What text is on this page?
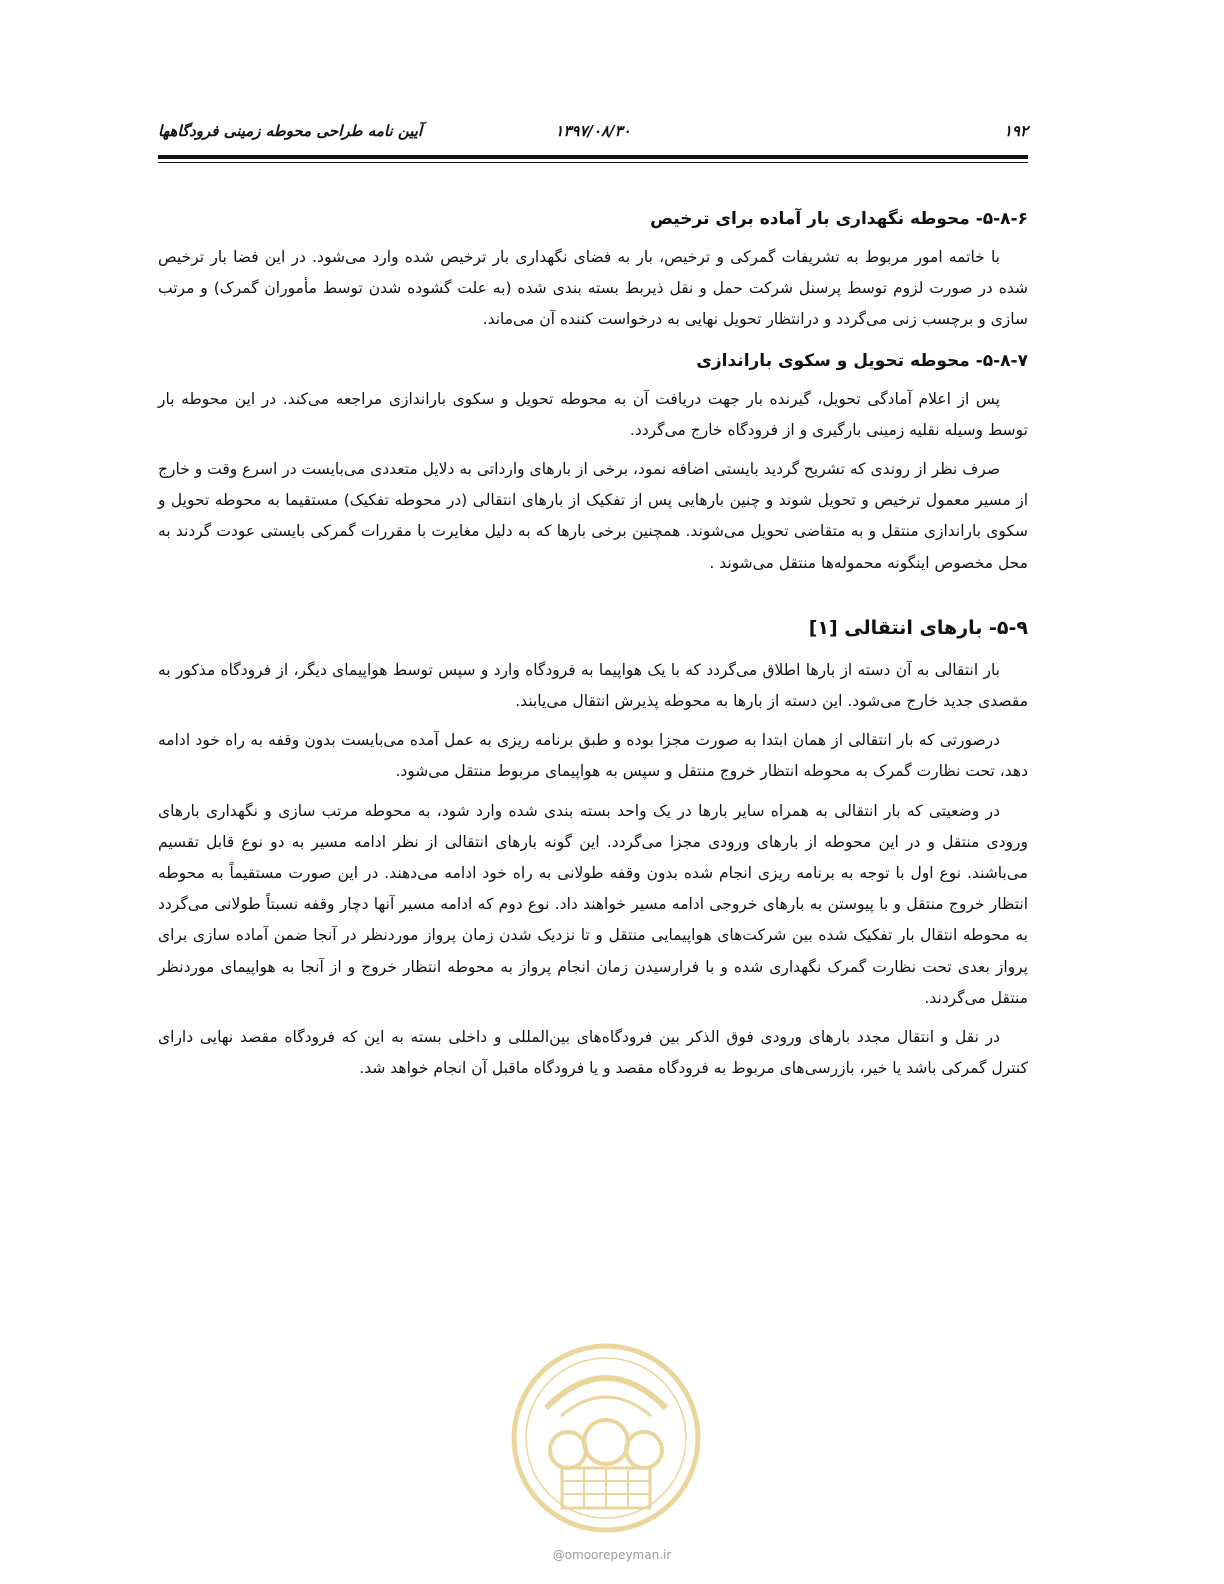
۱۹۲
۱۳۹۷/۰۸/۳۰
آیین نامه طراحی محوطه زمینی فرودگاهها
۵-۸-۶- محوطه نگهداری بار آماده برای ترخیص

با خاتمه امور مربوط به تشریفات گمرکی و ترخیص، بار به فضای نگهداری بار ترخیص شده وارد می‌شود. در این فضا بار ترخیص شده در صورت لزوم توسط پرسنل شرکت حمل و نقل ذیربط بسته بندی شده (به علت گشوده شدن توسط مأموران گمرک) و مرتب سازی و برچسب زنی می‌گردد و درانتظار تحویل نهایی به درخواست کننده آن می‌ماند.

۵-۸-۷- محوطه تحویل و سکوی باراندازی

پس از اعلام آمادگی تحویل، گیرنده بار جهت دریافت آن به محوطه تحویل و سکوی باراندازی مراجعه می‌کند. در این محوطه بار توسط وسیله نقلیه زمینی بارگیری و از فرودگاه خارج می‌گردد.

صرف نظر از روندی که تشریح گردید بایستی اضافه نمود، برخی از بارهای وارداتی به دلایل متعددی می‌بایست در اسرع وقت و خارج از مسیر معمول ترخیص و تحویل شوند و چنین بارهایی پس از تفکیک از بارهای انتقالی (در محوطه تفکیک) مستقیما به محوطه تحویل و سکوی باراندازی منتقل و به متقاضی تحویل می‌شوند. همچنین برخی بارها که به دلیل مغایرت با مقررات گمرکی بایستی عودت گردند به محل مخصوص اینگونه محموله‌ها منتقل می‌شوند .

۵-۹- بارهای انتقالی [۱]

بار انتقالی به آن دسته از بارها اطلاق می‌گردد که با یک هواپیما به فرودگاه وارد و سپس توسط هواپیمای دیگر، از فرودگاه مذکور به مقصدی جدید خارج می‌شود. این دسته از بارها به محوطه پذیرش انتقال می‌یابند.

درصورتی که بار انتقالی از همان ابتدا به صورت مجزا بوده و طبق برنامه ریزی به عمل آمده می‌بایست بدون وقفه به راه خود ادامه دهد، تحت نظارت گمرک به محوطه انتظار خروج منتقل و سپس به هواپیمای مربوط منتقل می‌شود.

در وضعیتی که بار انتقالی به همراه سایر بارها در یک واحد بسته بندی شده وارد شود، به محوطه مرتب سازی و نگهداری بارهای ورودی منتقل و در این محوطه از بارهای ورودی مجزا می‌گردد. این گونه بارهای انتقالی از نظر ادامه مسیر به دو نوع قابل تقسیم می‌باشند. نوع اول با توجه به برنامه ریزی انجام شده بدون وقفه طولانی به راه خود ادامه می‌دهند. در این صورت مستقیماً به محوطه انتظار خروج منتقل و با پیوستن به بارهای خروجی ادامه مسیر خواهند داد. نوع دوم که ادامه مسیر آنها دچار وقفه نسبتاً طولانی می‌گردد به محوطه انتقال بار تفکیک شده بین شرکت‌های هواپیمایی منتقل و تا نزدیک شدن زمان پرواز موردنظر در آنجا ضمن آماده سازی برای پرواز بعدی تحت نظارت گمرک نگهداری شده و با فرارسیدن زمان انجام پرواز به محوطه انتظار خروج و از آنجا به هواپیمای موردنظر منتقل می‌گردند.

در نقل و انتقال مجدد بارهای ورودی فوق الذکر بین فرودگاه‌های بین‌المللی و داخلی بسته به این که فرودگاه مقصد نهایی دارای کنترل گمرکی باشد یا خیر، بازرسی‌های مربوط به فرودگاه مقصد و یا فرودگاه ماقبل آن انجام خواهد شد.

@omoorepeyman.ir
